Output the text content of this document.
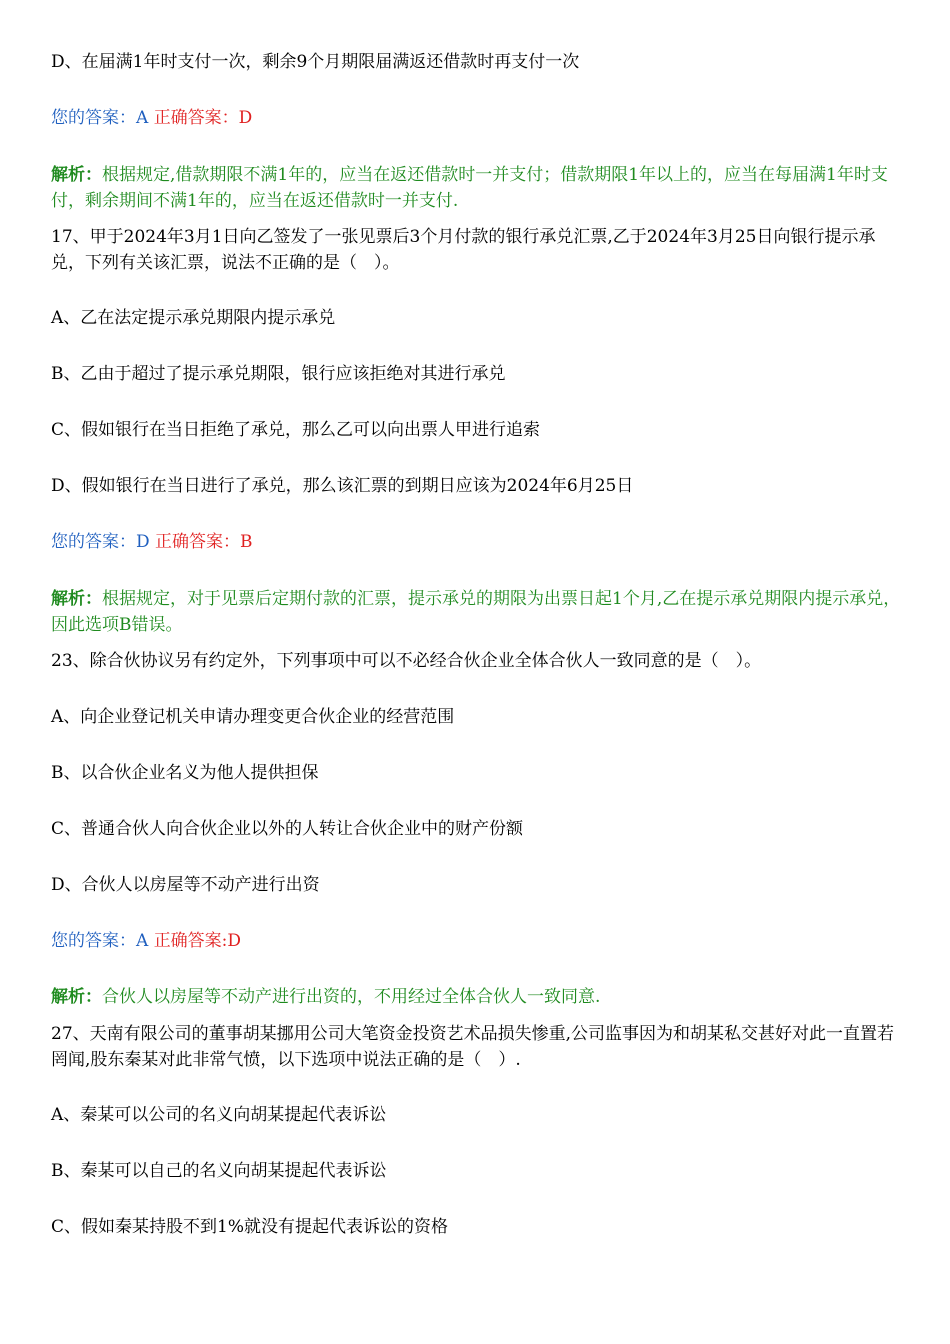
D、在届满1年时支付一次，剩余9个月期限届满返还借款时再支付一次
您的答案：A 正确答案：D
解析：根据规定,借款期限不满1年的，应当在返还借款时一并支付；借款期限1年以上的，应当在每届满1年时支付，剩余期间不满1年的，应当在返还借款时一并支付.
17、甲于2024年3月1日向乙签发了一张见票后3个月付款的银行承兑汇票,乙于2024年3月25日向银行提示承兑，下列有关该汇票，说法不正确的是（　）。
A、乙在法定提示承兑期限内提示承兑
B、乙由于超过了提示承兑期限，银行应该拒绝对其进行承兑
C、假如银行在当日拒绝了承兑，那么乙可以向出票人甲进行追索
D、假如银行在当日进行了承兑，那么该汇票的到期日应该为2024年6月25日
您的答案：D 正确答案：B
解析：根据规定，对于见票后定期付款的汇票，提示承兑的期限为出票日起1个月,乙在提示承兑期限内提示承兑，因此选项B错误。
23、除合伙协议另有约定外，下列事项中可以不必经合伙企业全体合伙人一致同意的是（　）。
A、向企业登记机关申请办理变更合伙企业的经营范围
B、以合伙企业名义为他人提供担保
C、普通合伙人向合伙企业以外的人转让合伙企业中的财产份额
D、合伙人以房屋等不动产进行出资
您的答案：A 正确答案:D
解析：合伙人以房屋等不动产进行出资的，不用经过全体合伙人一致同意.
27、天南有限公司的董事胡某挪用公司大笔资金投资艺术品损失惨重,公司监事因为和胡某私交甚好对此一直置若罔闻,股东秦某对此非常气愤，以下选项中说法正确的是（　）.
A、秦某可以公司的名义向胡某提起代表诉讼
B、秦某可以自己的名义向胡某提起代表诉讼
C、假如秦某持股不到1%就没有提起代表诉讼的资格
